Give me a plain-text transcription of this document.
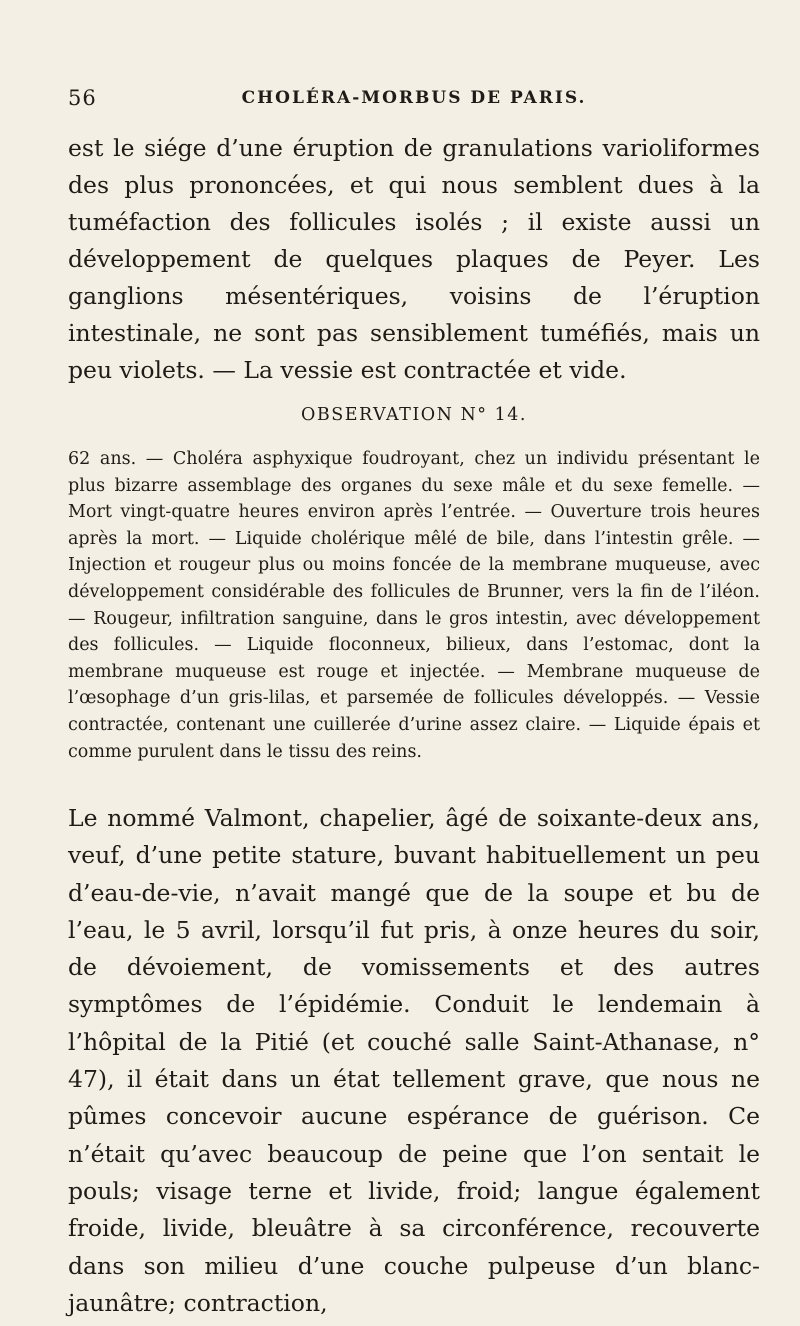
56	CHOLÉRA-MORBUS DE PARIS.

est le siége d’une éruption de granulations varioliformes des plus prononcées, et qui nous semblent dues à la tuméfaction des follicules isolés ; il existe aussi un développement de quelques plaques de Peyer. Les ganglions mésentériques, voisins de l’éruption intestinale, ne sont pas sensiblement tuméfiés, mais un peu violets. — La vessie est contractée et vide.

OBSERVATION N° 14.

62 ans. — Choléra asphyxique foudroyant, chez un individu présentant le plus bizarre assemblage des organes du sexe mâle et du sexe femelle. — Mort vingt-quatre heures environ après l’entrée. — Ouverture trois heures après la mort. — Liquide cholérique mêlé de bile, dans l’intestin grêle. — Injection et rougeur plus ou moins foncée de la membrane muqueuse, avec développement considérable des follicules de Brunner, vers la fin de l’iléon. — Rougeur, infiltration sanguine, dans le gros intestin, avec développement des follicules. — Liquide floconneux, bilieux, dans l’estomac, dont la membrane muqueuse est rouge et injectée. — Membrane muqueuse de l’œsophage d’un gris-lilas, et parsemée de follicules développés. — Vessie contractée, contenant une cuillerée d’urine assez claire. — Liquide épais et comme purulent dans le tissu des reins.

Le nommé Valmont, chapelier, âgé de soixante-deux ans, veuf, d’une petite stature, buvant habituellement un peu d’eau-de-vie, n’avait mangé que de la soupe et bu de l’eau, le 5 avril, lorsqu’il fut pris, à onze heures du soir, de dévoiement, de vomissements et des autres symptômes de l’épidémie. Conduit le lendemain à l’hôpital de la Pitié (et couché salle Saint-Athanase, n° 47), il était dans un état tellement grave, que nous ne pûmes concevoir aucune espérance de guérison. Ce n’était qu’avec beaucoup de peine que l’on sentait le pouls; visage terne et livide, froid; langue également froide, livide, bleuâtre à sa circonférence, recouverte dans son milieu d’une couche pulpeuse d’un blanc-jaunâtre; contraction,
